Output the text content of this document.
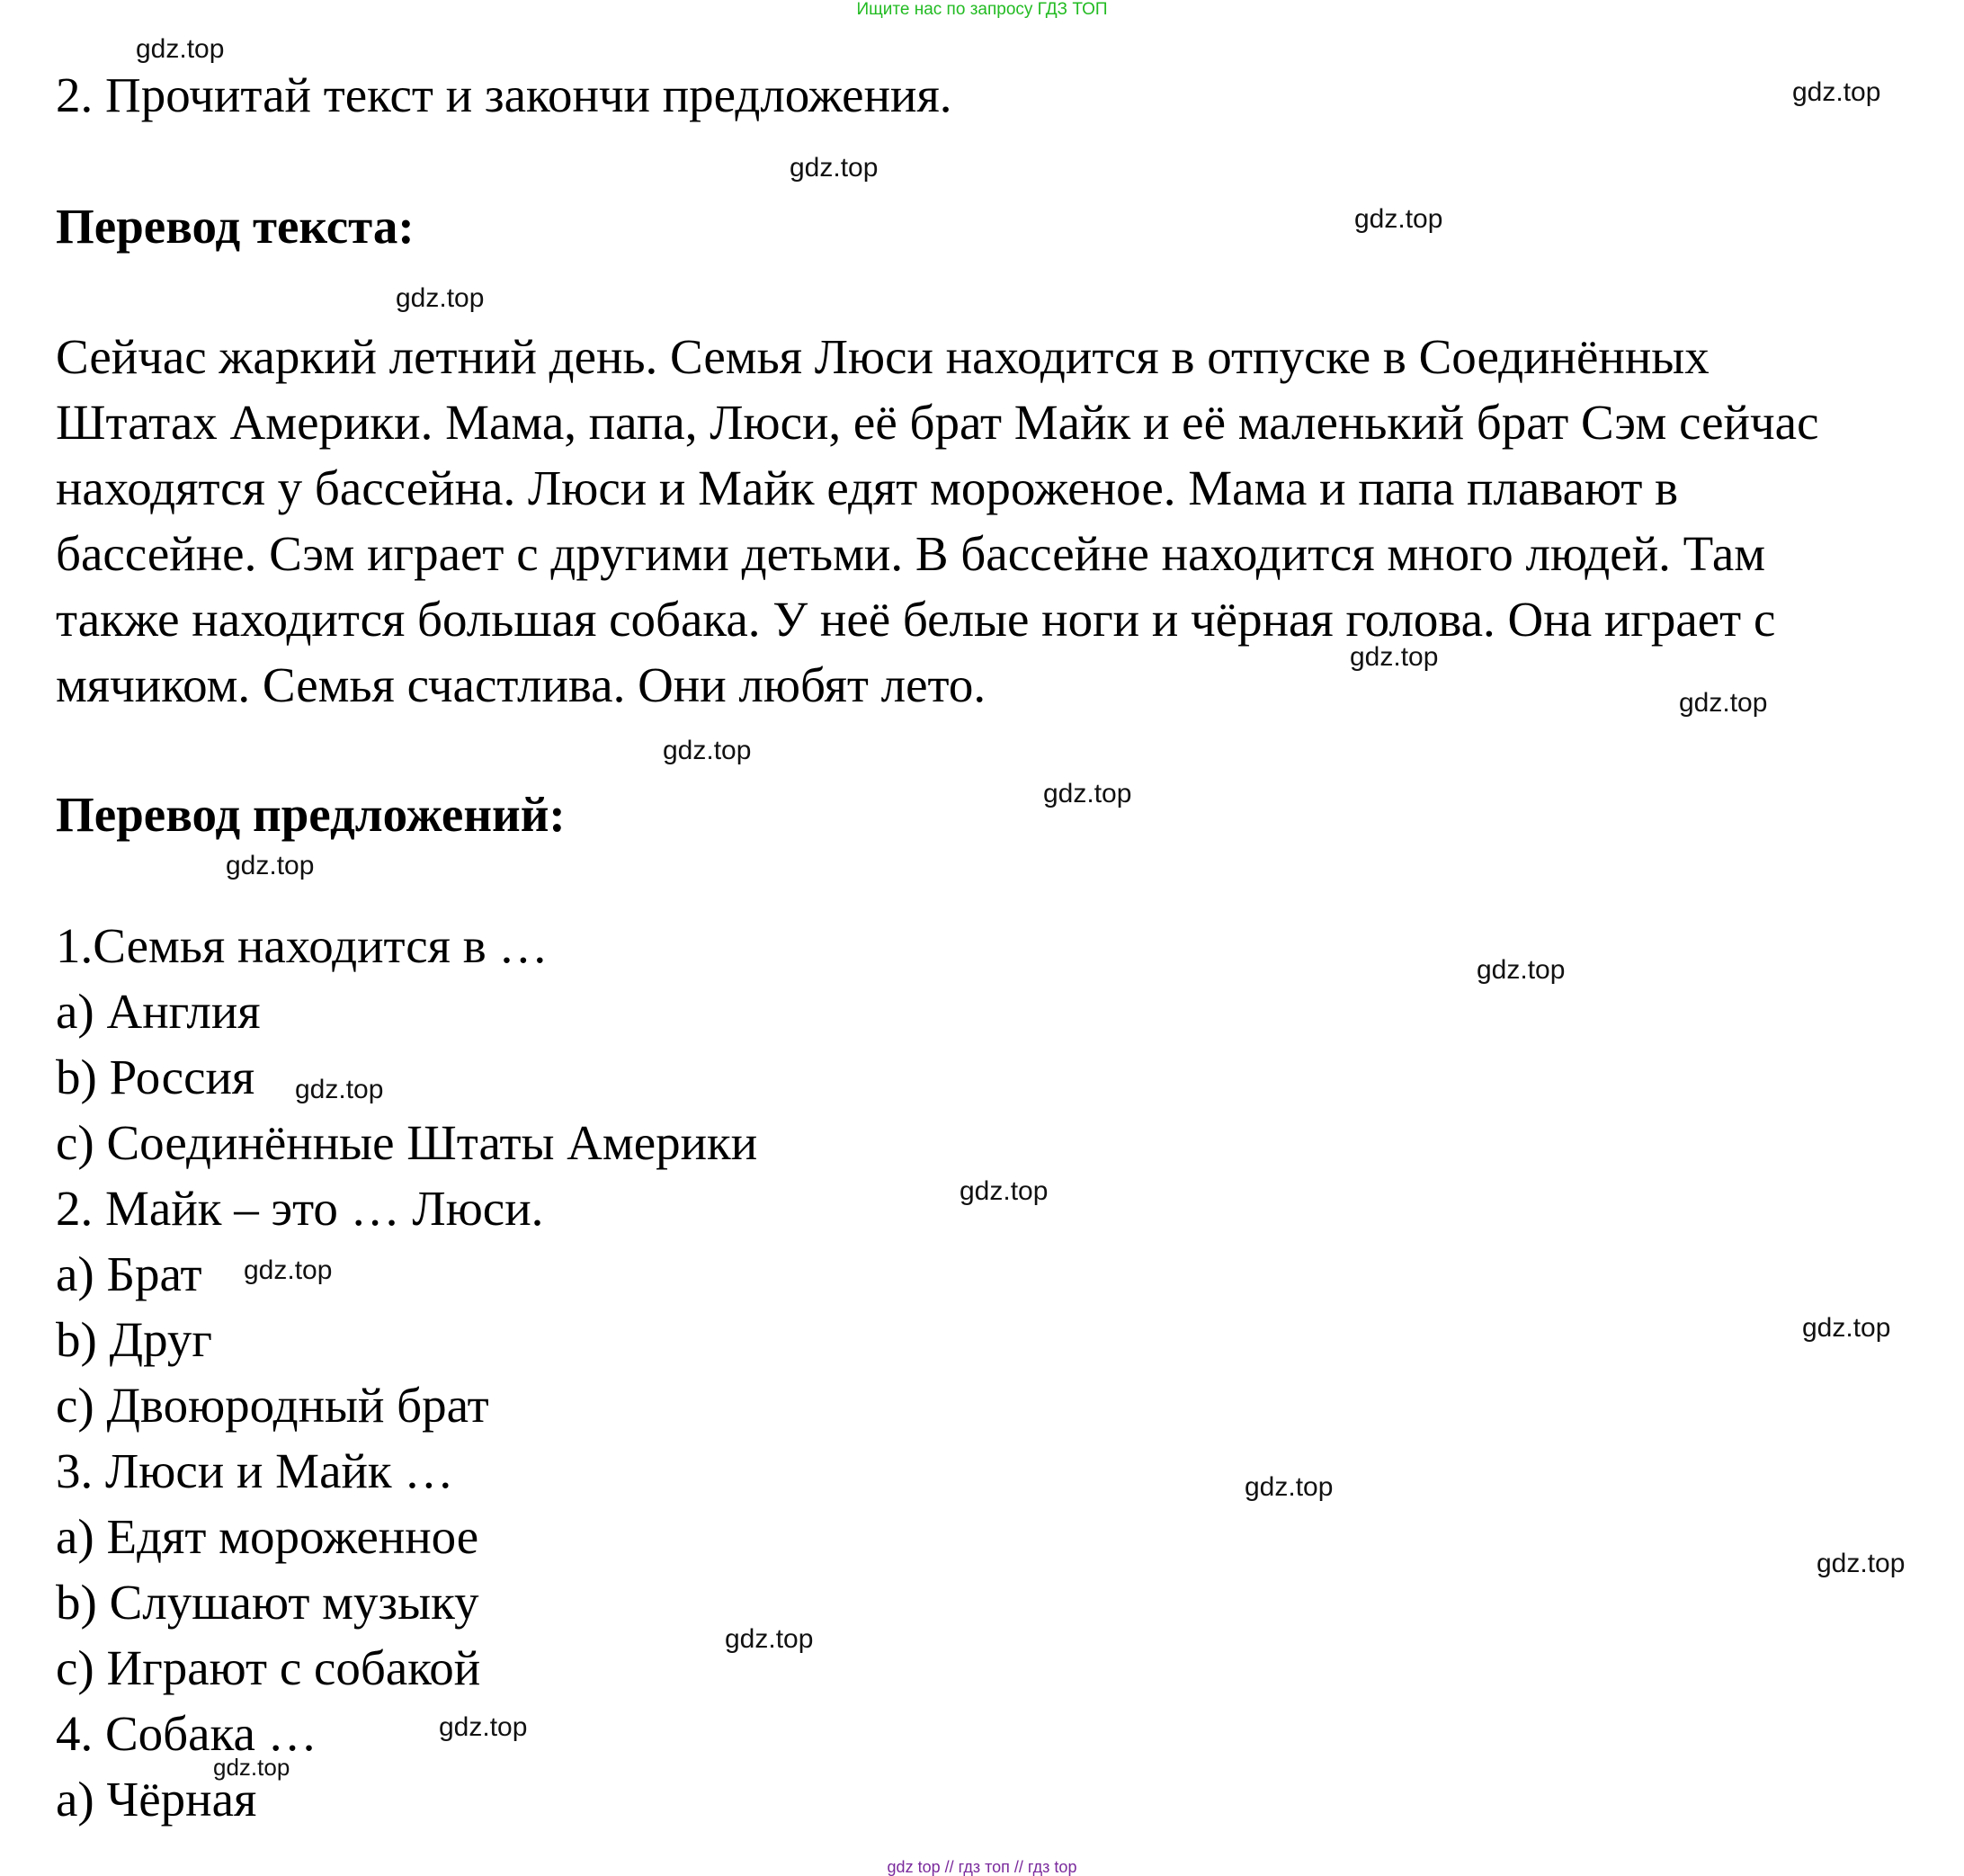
Ищите нас по запросу ГДЗ ТОП
2. Прочитай текст и закончи предложения.
Перевод текста:
Сейчас жаркий летний день. Семья Люси находится в отпуске в Соединённых
Штатах Америки. Мама, папа, Люси, её брат Майк и её маленький брат Сэм сейчас
находятся у бассейна. Люси и Майк едят мороженое. Мама и папа плавают в
бассейне. Сэм играет с другими детьми. В бассейне находится много людей. Там
также находится большая собака. У неё белые ноги и чёрная голова. Она играет с
мячиком. Семья счастлива. Они любят лето.
Перевод предложений:
1.Семья находится в …
a) Англия
b) Россия
c) Соединённые Штаты Америки
2. Майк – это … Люси.
a) Брат
b) Друг
c) Двоюродный брат
3. Люси и Майк …
a) Едят мороженное
b) Слушают музыку
c) Играют с собакой
4. Собака …
a) Чёрная
gdz.top
gdz.top
gdz.top
gdz.top
gdz.top
gdz.top
gdz.top
gdz.top
gdz.top
gdz.top
gdz.top
gdz.top
gdz.top
gdz.top
gdz.top
gdz.top
gdz.top
gdz.top
gdz.top
gdz.top
gdz top // гдз топ // гдз top
